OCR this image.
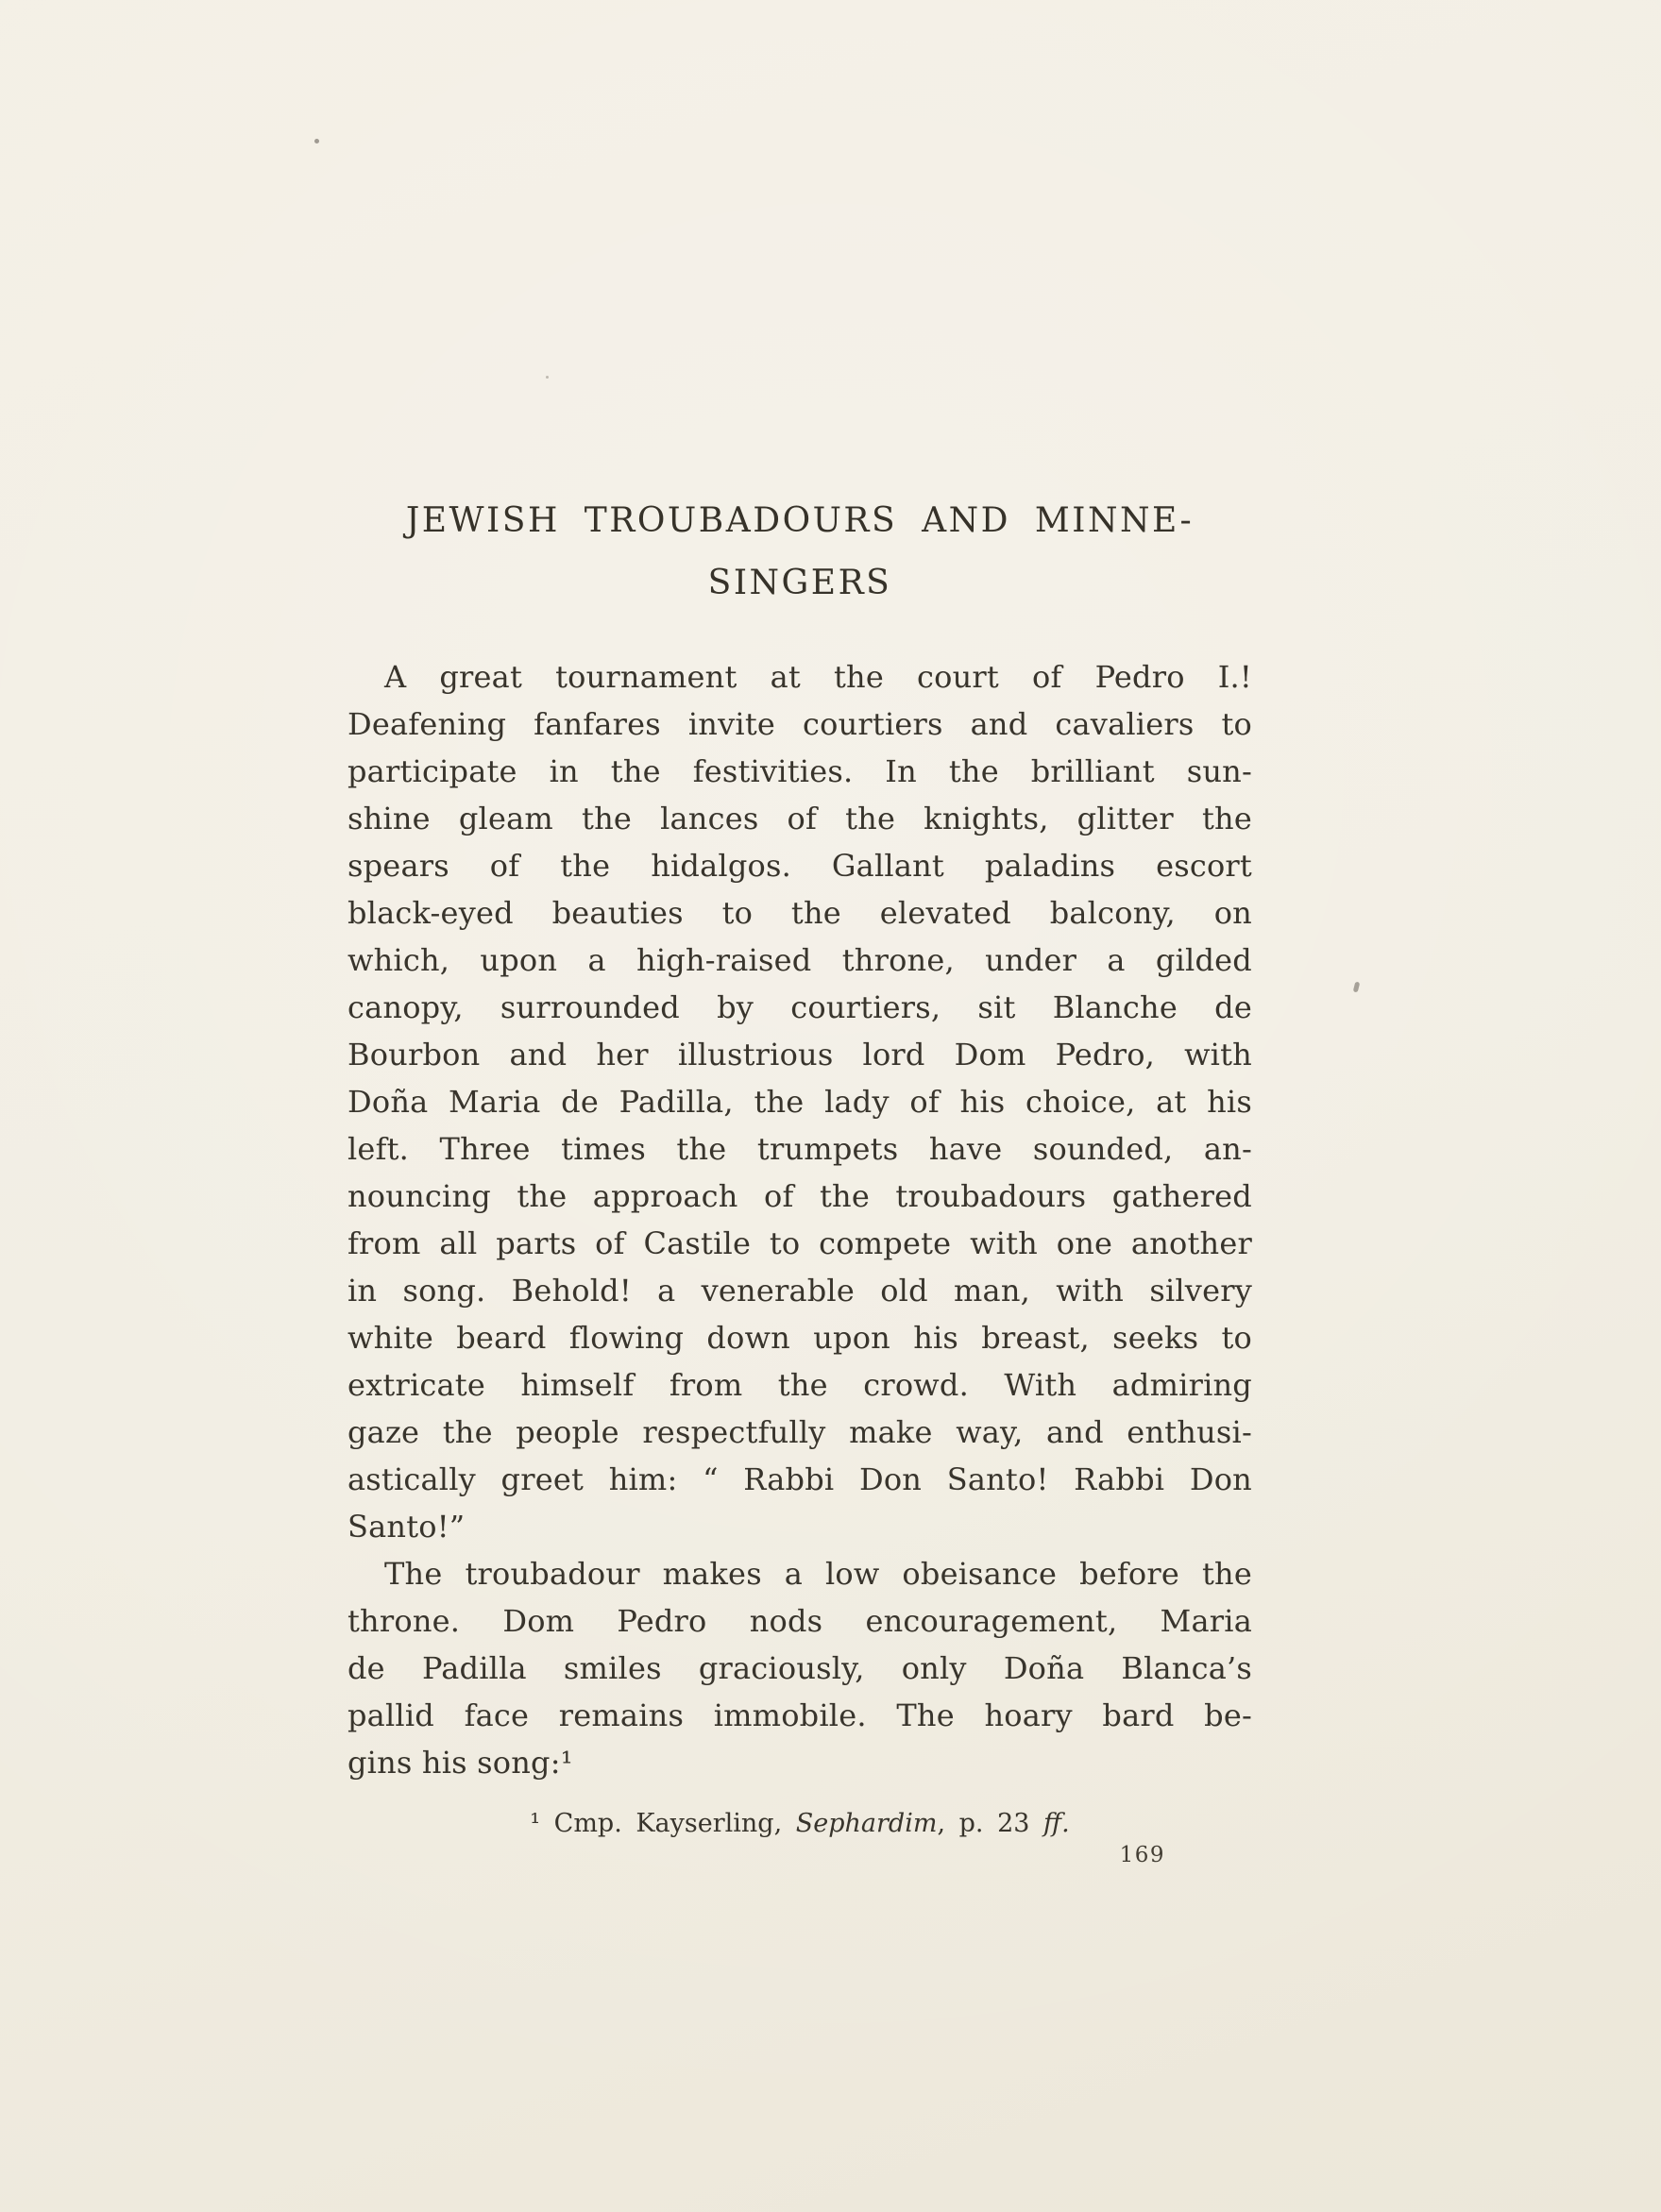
JEWISH TROUBADOURS AND MINNE-
SINGERS
A great tournament at the court of Pedro I.!
Deafening fanfares invite courtiers and cavaliers to
participate in the festivities. In the brilliant sun-
shine gleam the lances of the knights, glitter the
spears of the hidalgos. Gallant paladins escort
black-eyed beauties to the elevated balcony, on
which, upon a high-raised throne, under a gilded
canopy, surrounded by courtiers, sit Blanche de
Bourbon and her illustrious lord Dom Pedro, with
Doña Maria de Padilla, the lady of his choice, at his
left. Three times the trumpets have sounded, an-
nouncing the approach of the troubadours gathered
from all parts of Castile to compete with one another
in song. Behold! a venerable old man, with silvery
white beard flowing down upon his breast, seeks to
extricate himself from the crowd. With admiring
gaze the people respectfully make way, and enthusi-
astically greet him: “ Rabbi Don Santo! Rabbi Don
Santo!”
The troubadour makes a low obeisance before the
throne. Dom Pedro nods encouragement, Maria
de Padilla smiles graciously, only Doña Blanca’s
pallid face remains immobile. The hoary bard be-
gins his song:¹
¹ Cmp. Kayserling, Sephardim, p. 23 ff.
169
